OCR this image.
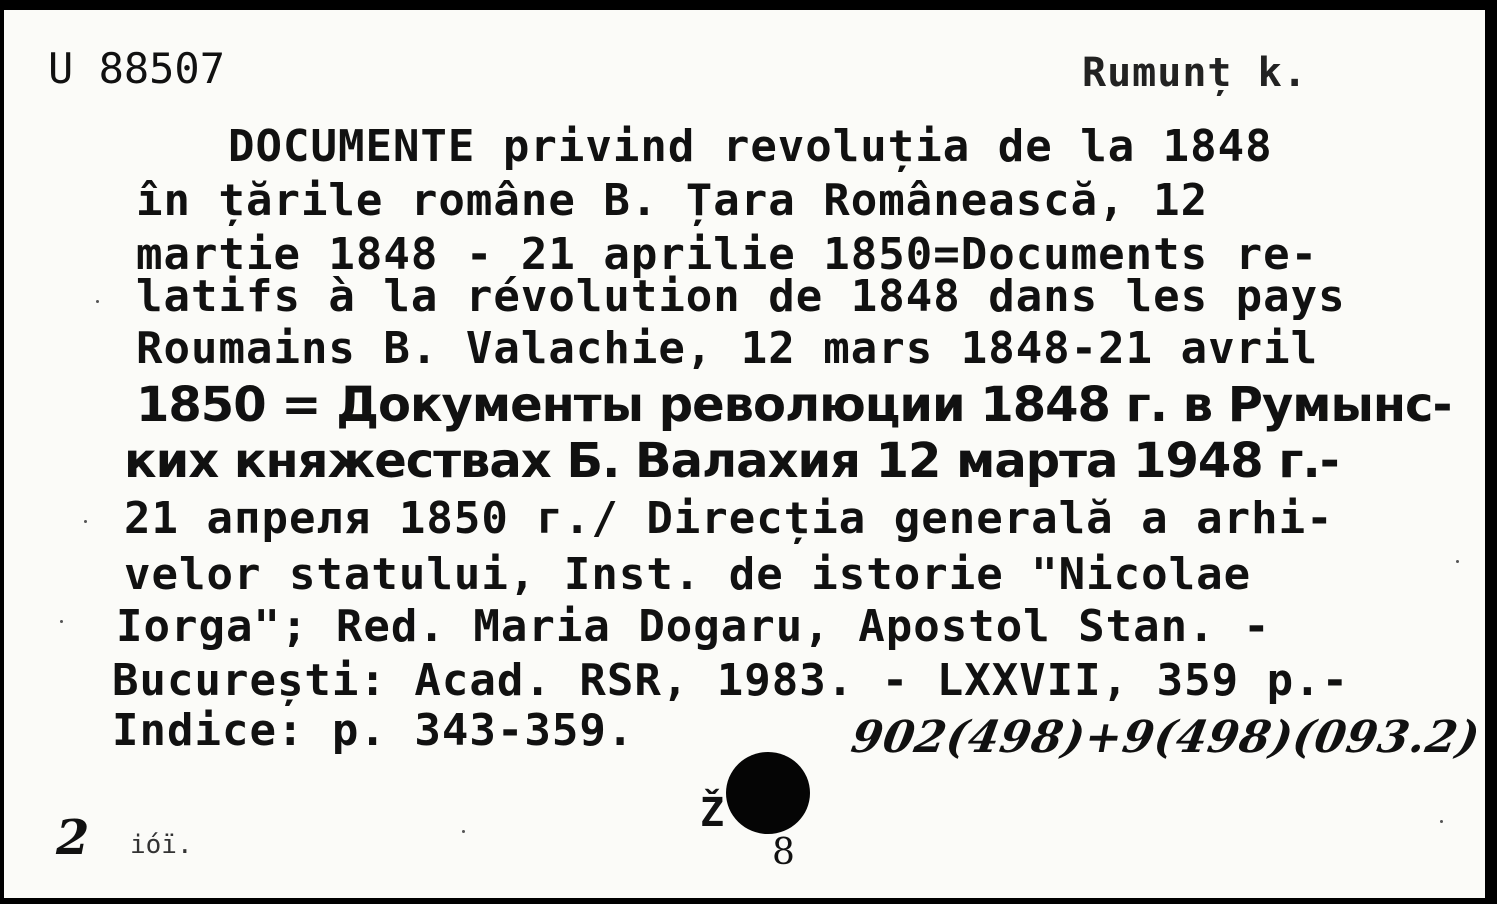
U 88507	Rumunț k.
DOCUMENTE privind revoluția de la 1848
în țările române B. Țara Românească, 12
martie 1848 - 21 aprilie 1850=Documents re-
latifs à la révolution de 1848 dans les pays
Roumains B. Valachie, 12 mars 1848-21 avril
1850 = Документы революции 1848 г. в Румынс-
ких княжествах Б. Валахия 12 марта 1948 г.-
21 апреля 1850 г./ Direcția generală a arhi-
velor statului, Inst. de istorie "Nicolae
Iorga"; Red. Maria Dogaru, Apostol Stan. -
București: Acad. RSR, 1983. - LXXVII, 359 p.-
Indice: p. 343-359.	902(498)+9(498)(093.2)
2 ióï.
Ž
8
